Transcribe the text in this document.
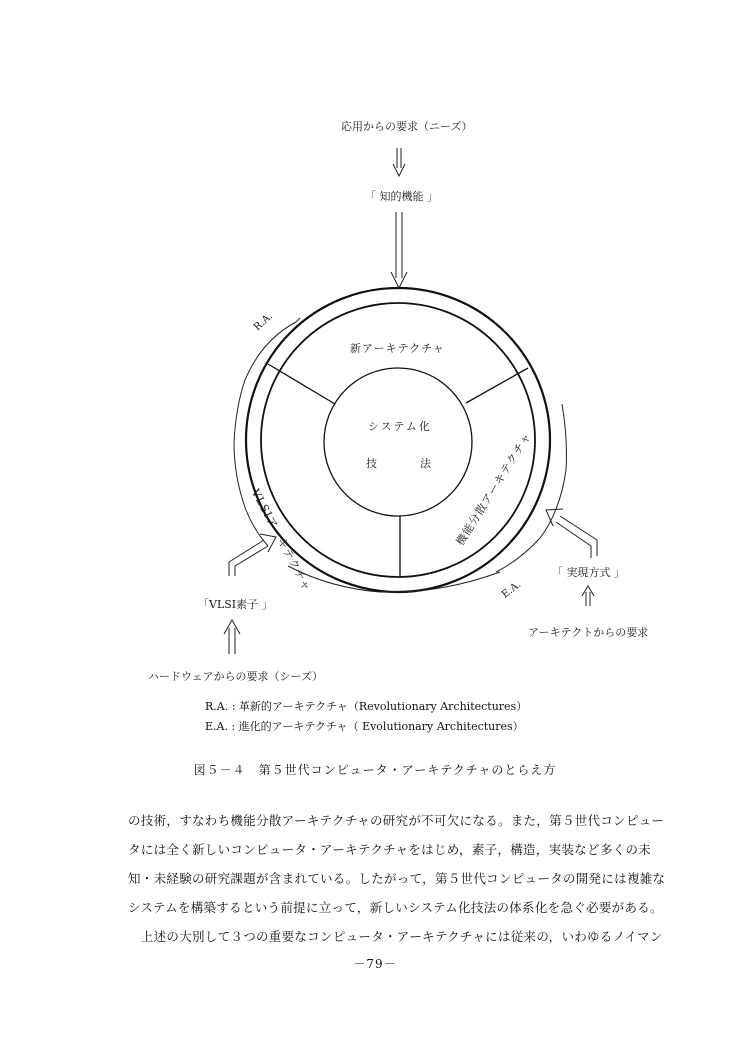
応用からの要求（ニーズ）
「 知的機能 」
新アーキテクチャ
システム化
技	法
VLSIアーキテクチャ	機能分散アーキテクチャ
R.A.
E.A.
「 実現方式 」
アーキテクトからの要求
「VLSI素子 」
ハードウェアからの要求（シーズ）
R.A. : 革新的アーキテクチャ（Revolutionary Architectures）
E.A. : 進化的アーキテクチャ（ Evolutionary Architectures）
図５－４　第５世代コンピュータ・アーキテクチャのとらえ方

の技術，すなわち機能分散アーキテクチャの研究が不可欠になる。また，第５世代コンピュー

タには全く新しいコンピュータ・アーキテクチャをはじめ，素子，構造，実装など多くの未

知・未経験の研究課題が含まれている。したがって，第５世代コンピュータの開発には複雑な

システムを構築するという前提に立って，新しいシステム化技法の体系化を急ぐ必要がある。

　上述の大別して３つの重要なコンピュータ・アーキテクチャには従来の，いわゆるノイマン

－79－
